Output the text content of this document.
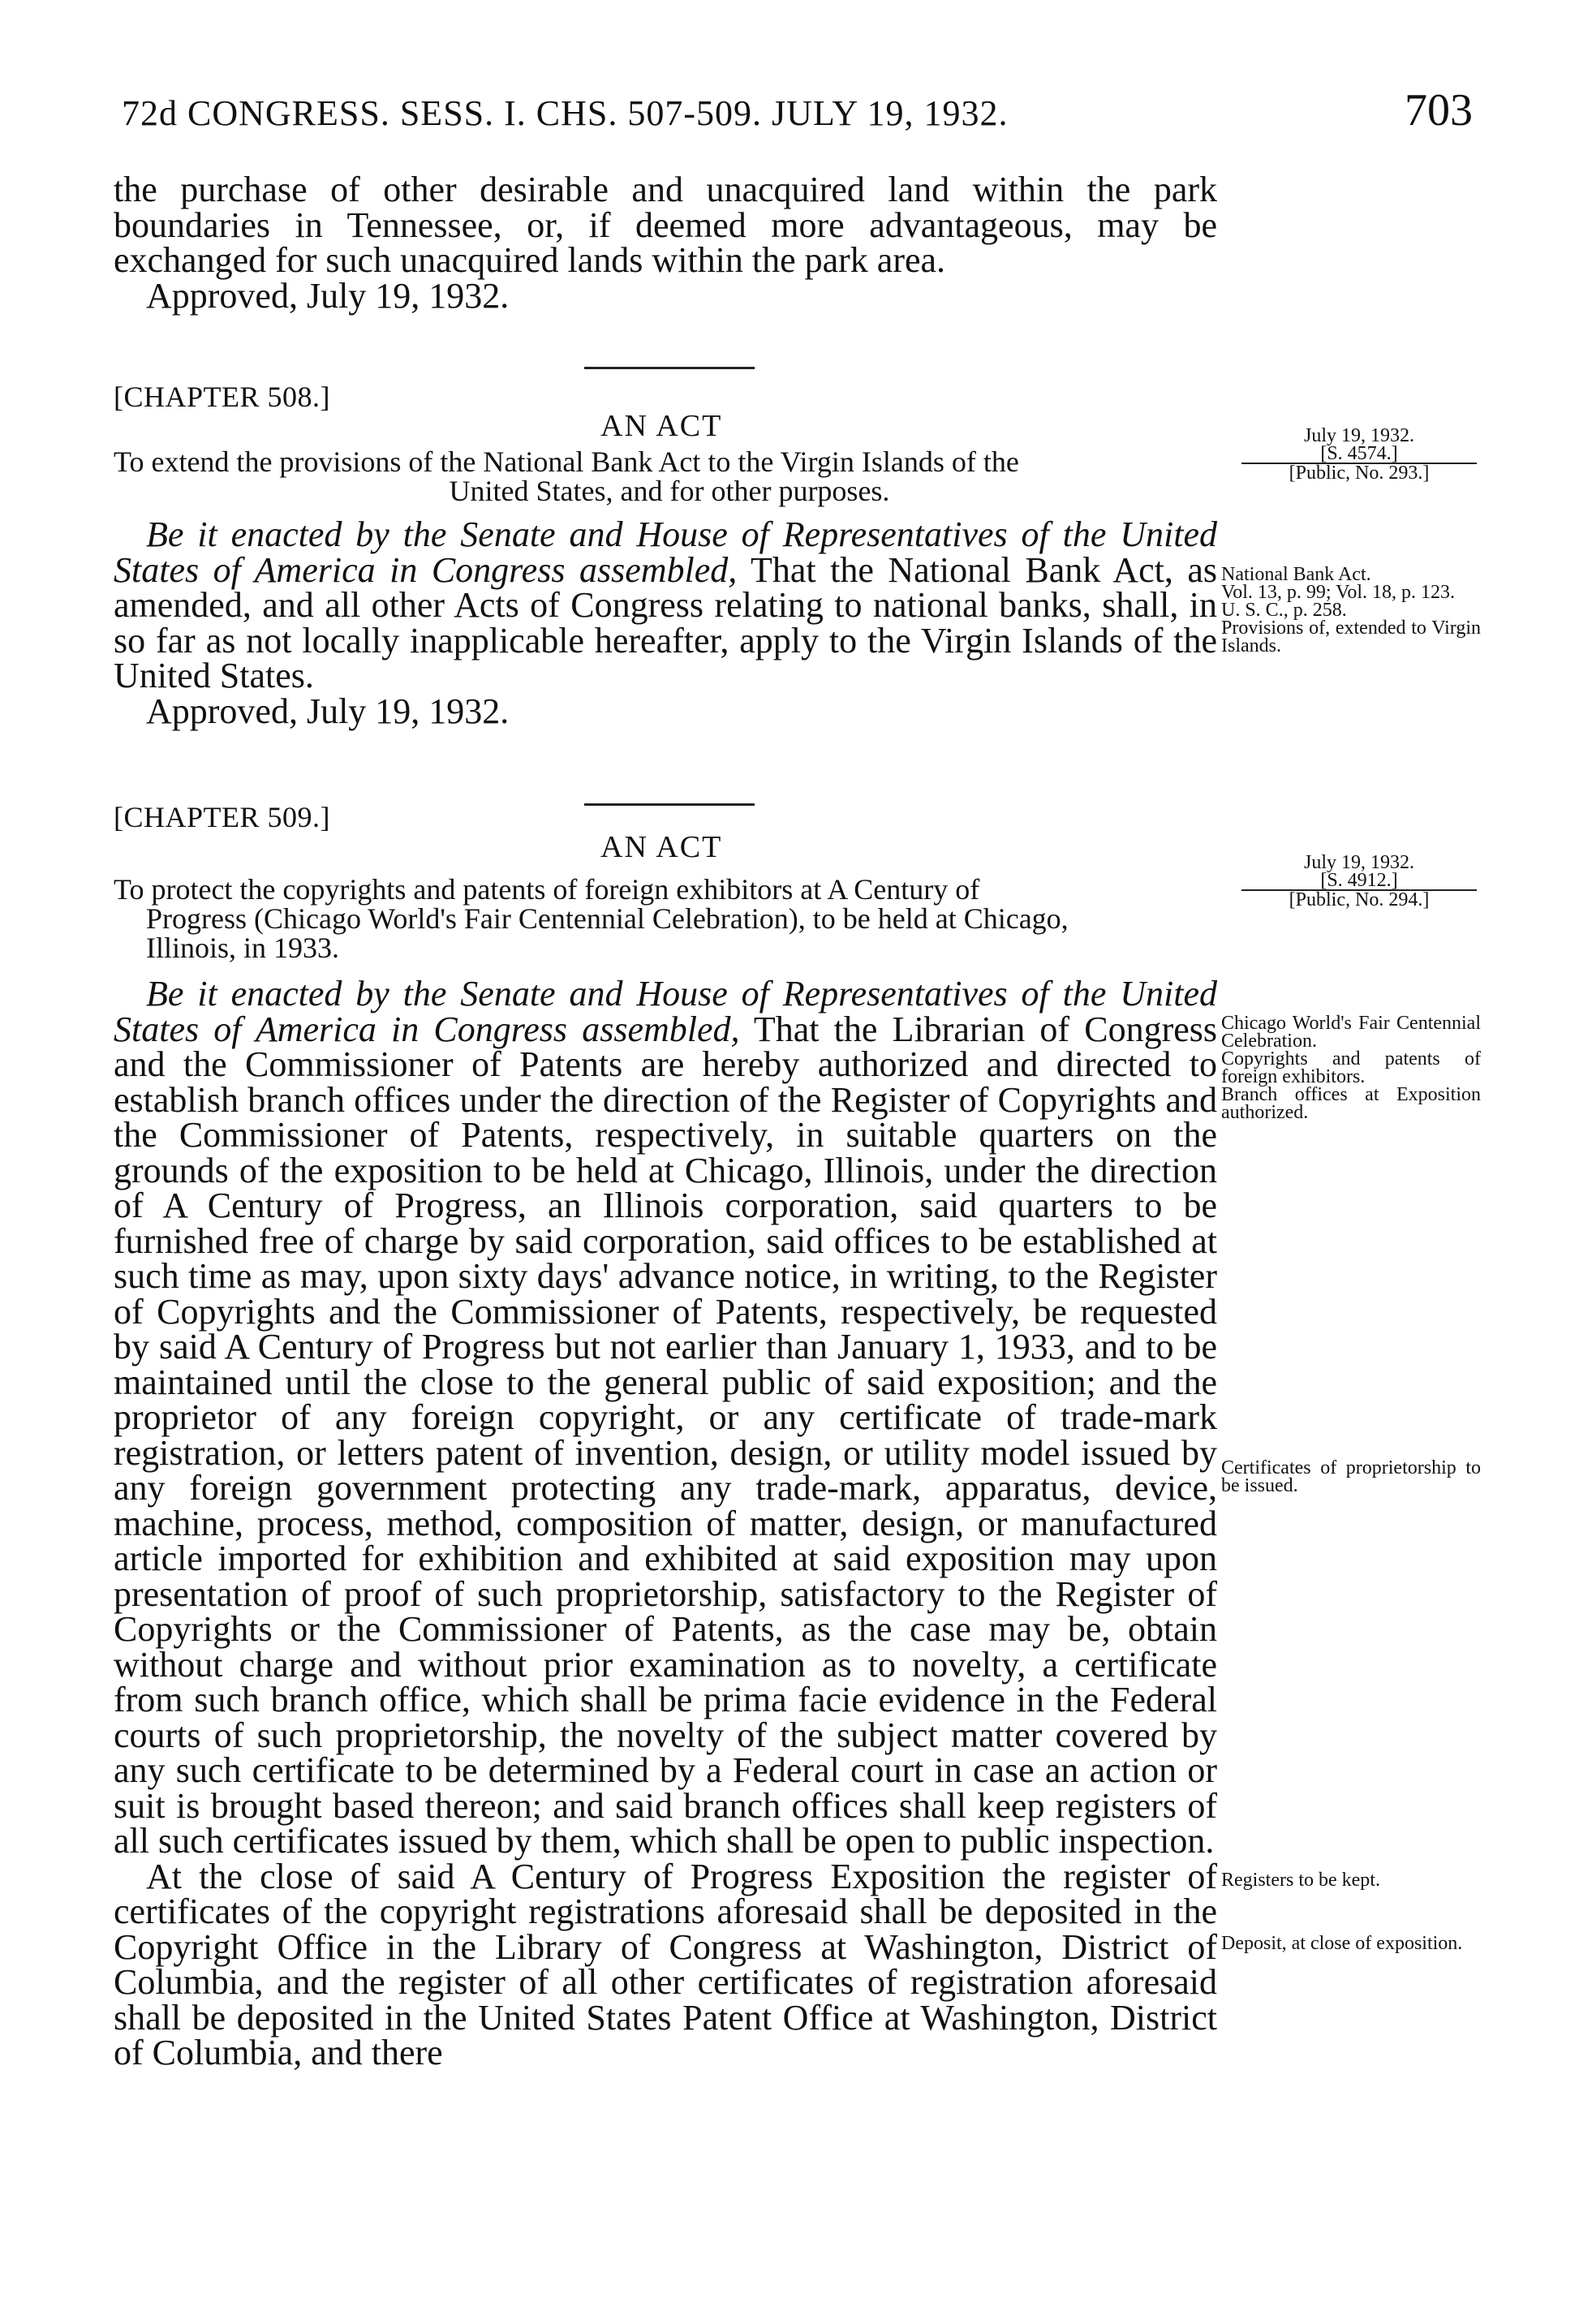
72d CONGRESS. SESS. I. CHS. 507-509. JULY 19, 1932.	703

the purchase of other desirable and unacquired land within the park boundaries in Tennessee, or, if deemed more advantageous, may be exchanged for such unacquired lands within the park area.

Approved, July 19, 1932.

[CHAPTER 508.]
AN ACT

To extend the provisions of the National Bank Act to the Virgin Islands of the
United States, and for other purposes.

July 19, 1932.
[S. 4574.]
[Public, No. 293.]

Be it enacted by the Senate and House of Representatives of the United States of America in Congress assembled, That the National Bank Act, as amended, and all other Acts of Congress relating to national banks, shall, in so far as not locally inapplicable hereafter, apply to the Virgin Islands of the United States.

Approved, July 19, 1932.

National Bank Act.
Vol. 13, p. 99; Vol. 18, p. 123.
U. S. C., p. 258.
Provisions of, extended to Virgin Islands.
[CHAPTER 509.]
AN ACT

To protect the copyrights and patents of foreign exhibitors at A Century of
Progress (Chicago World's Fair Centennial Celebration), to be held at Chicago,
Illinois, in 1933.

July 19, 1932.
[S. 4912.]
[Public, No. 294.]

Be it enacted by the Senate and House of Representatives of the United States of America in Congress assembled, That the Librarian of Congress and the Commissioner of Patents are hereby authorized and directed to establish branch offices under the direction of the Register of Copyrights and the Commissioner of Patents, respectively, in suitable quarters on the grounds of the exposition to be held at Chicago, Illinois, under the direction of A Century of Progress, an Illinois corporation, said quarters to be furnished free of charge by said corporation, said offices to be established at such time as may, upon sixty days' advance notice, in writing, to the Register of Copyrights and the Commissioner of Patents, respectively, be requested by said A Century of Progress but not earlier than January 1, 1933, and to be maintained until the close to the general public of said exposition; and the proprietor of any foreign copyright, or any certificate of trade-mark registration, or letters patent of invention, design, or utility model issued by any foreign government protecting any trade-mark, apparatus, device, machine, process, method, composition of matter, design, or manufactured article imported for exhibition and exhibited at said exposition may upon presentation of proof of such proprietorship, satisfactory to the Register of Copyrights or the Commissioner of Patents, as the case may be, obtain without charge and without prior examination as to novelty, a certificate from such branch office, which shall be prima facie evidence in the Federal courts of such proprietorship, the novelty of the subject matter covered by any such certificate to be determined by a Federal court in case an action or suit is brought based thereon; and said branch offices shall keep registers of all such certificates issued by them, which shall be open to public inspection.

At the close of said A Century of Progress Exposition the register of certificates of the copyright registrations aforesaid shall be deposited in the Copyright Office in the Library of Congress at Washington, District of Columbia, and the register of all other certificates of registration aforesaid shall be deposited in the United States Patent Office at Washington, District of Columbia, and there

Chicago World's Fair Centennial Celebration.
Copyrights and patents of foreign exhibitors.
Branch offices at Exposition authorized.
Certificates of proprietorship to be issued.
Registers to be kept.
Deposit, at close of exposition.
